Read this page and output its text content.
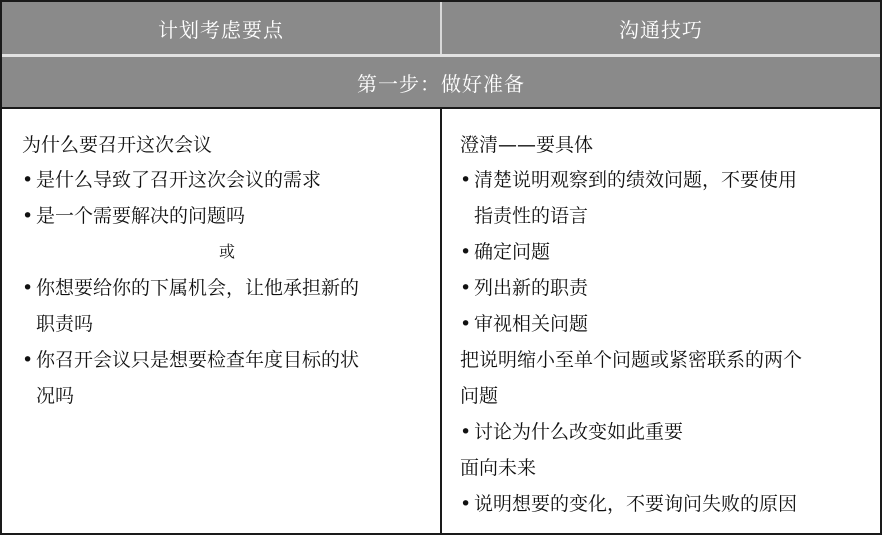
计划考虑要点	沟通技巧
第一步：做好准备
为什么要召开这次会议
• 是什么导致了召开这次会议的需求
• 是一个需要解决的问题吗
或
• 你想要给你的下属机会，让他承担新的
职责吗
• 你召开会议只是想要检查年度目标的状
况吗
澄清——要具体
• 清楚说明观察到的绩效问题，不要使用
指责性的语言
• 确定问题
• 列出新的职责
• 审视相关问题
把说明缩小至单个问题或紧密联系的两个
问题
• 讨论为什么改变如此重要
面向未来
• 说明想要的变化，不要询问失败的原因
